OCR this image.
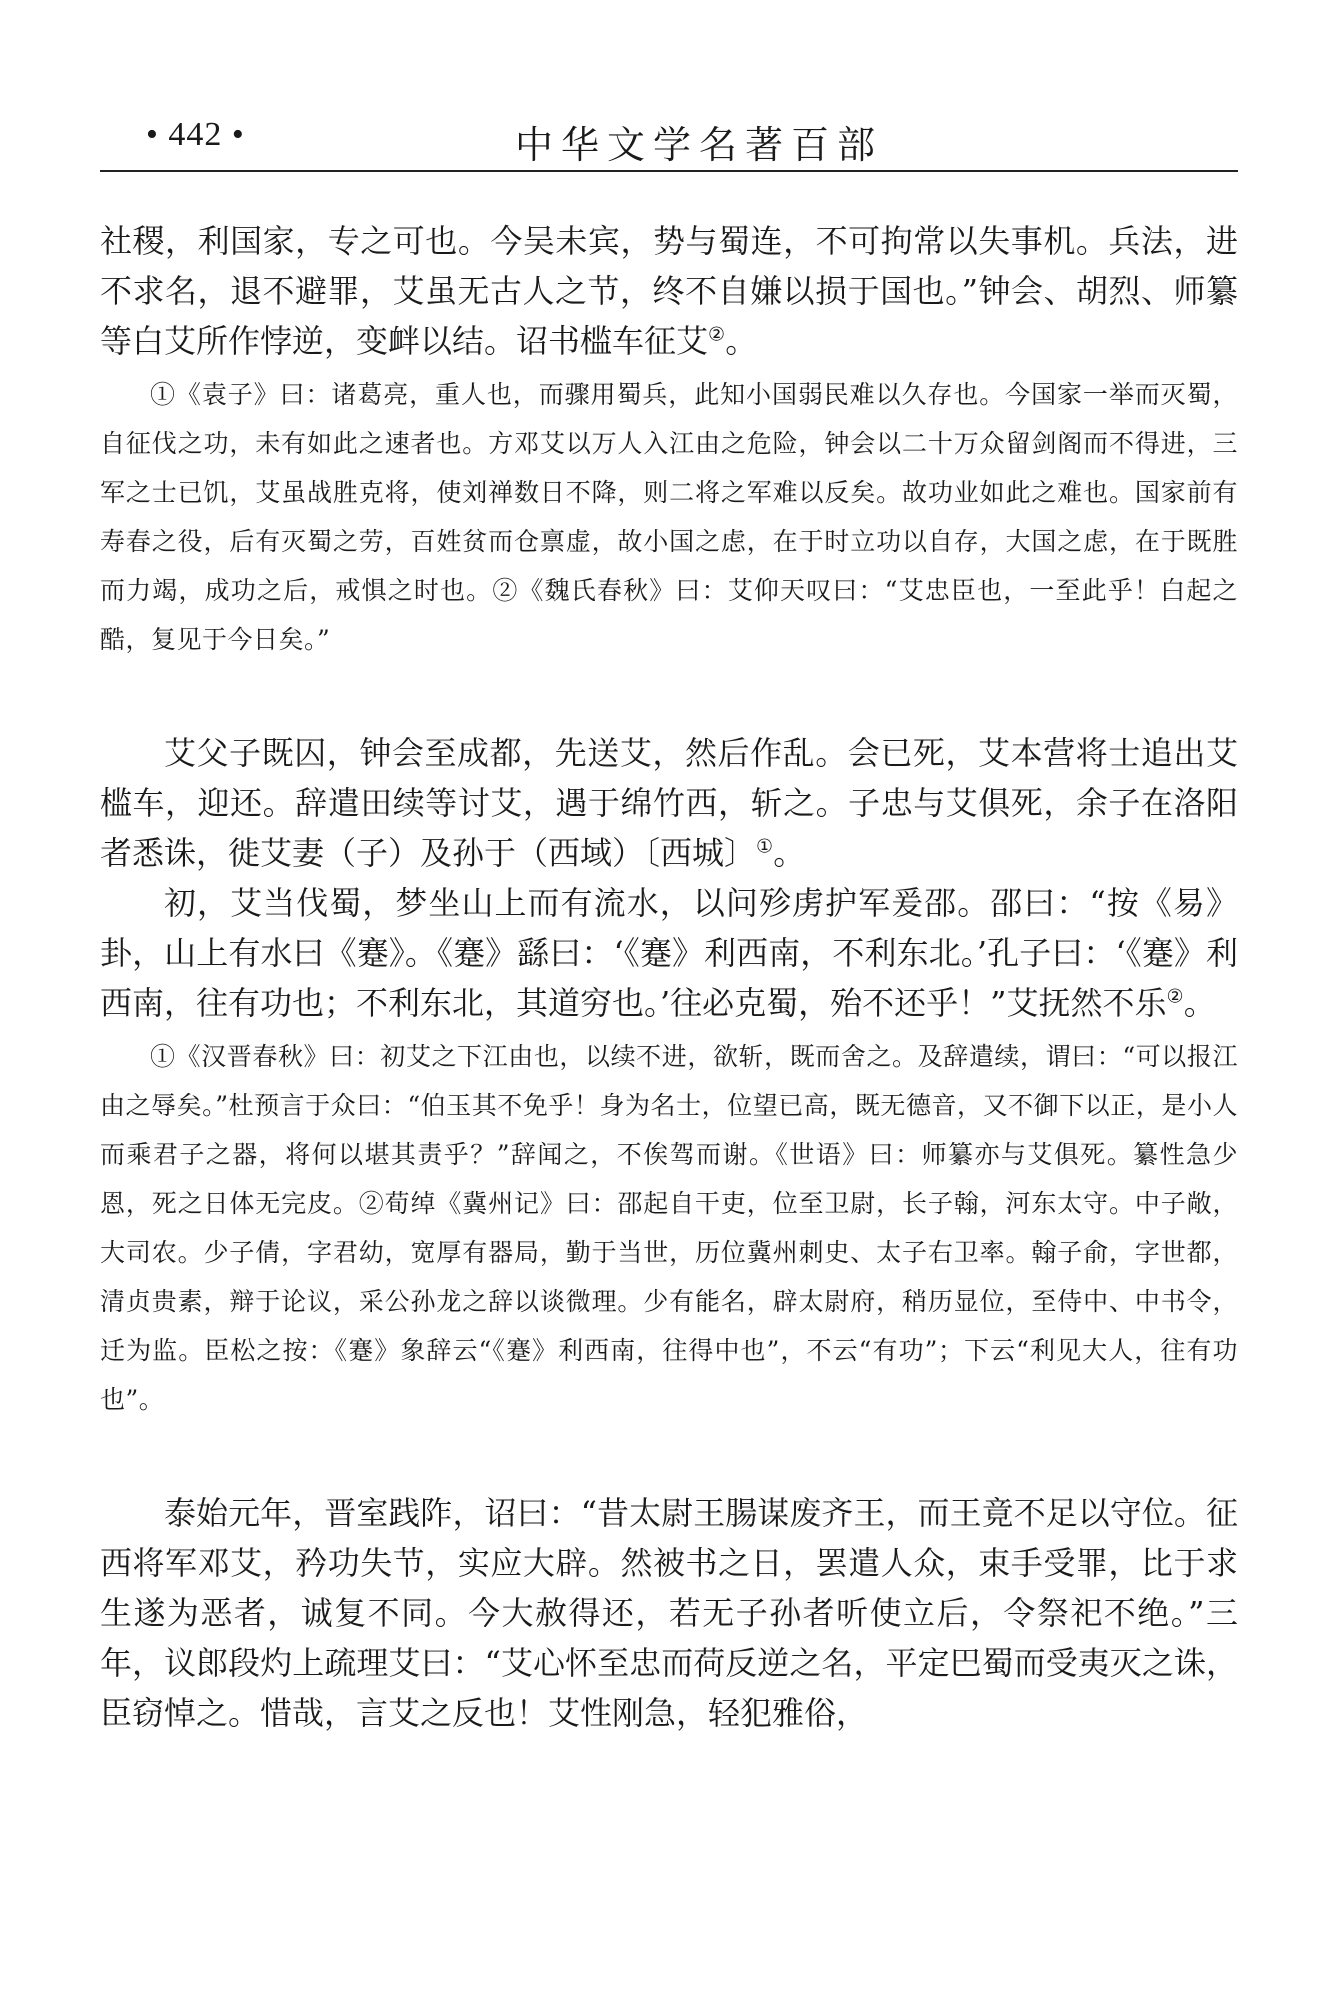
• 442 •	中华文学名著百部

社稷，利国家，专之可也。今吴未宾，势与蜀连，不可拘常以失事机。兵法，进不求名，退不避罪，艾虽无古人之节，终不自嫌以损于国也。”钟会、胡烈、师纂等白艾所作悖逆，变衅以结。诏书槛车征艾②。

①《袁子》曰：诸葛亮，重人也，而骤用蜀兵，此知小国弱民难以久存也。今国家一举而灭蜀，自征伐之功，未有如此之速者也。方邓艾以万人入江由之危险，钟会以二十万众留剑阁而不得进，三军之士已饥，艾虽战胜克将，使刘禅数日不降，则二将之军难以反矣。故功业如此之难也。国家前有寿春之役，后有灭蜀之劳，百姓贫而仓禀虚，故小国之虑，在于时立功以自存，大国之虑，在于既胜而力竭，成功之后，戒惧之时也。②《魏氏春秋》曰：艾仰天叹曰：“艾忠臣也，一至此乎！白起之酷，复见于今日矣。”

艾父子既囚，钟会至成都，先送艾，然后作乱。会已死，艾本营将士追出艾槛车，迎还。辞遣田续等讨艾，遇于绵竹西，斩之。子忠与艾俱死，余子在洛阳者悉诛，徙艾妻（子）及孙于（西域）〔西城〕①。

初，艾当伐蜀，梦坐山上而有流水，以问殄虏护军爰邵。邵曰：“按《易》卦，山上有水曰《蹇》。《蹇》繇曰：‘《蹇》利西南，不利东北。’孔子曰：‘《蹇》利西南，往有功也；不利东北，其道穷也。’往必克蜀，殆不还乎！”艾抚然不乐②。

①《汉晋春秋》曰：初艾之下江由也，以续不进，欲斩，既而舍之。及辞遣续，谓曰：“可以报江由之辱矣。”杜预言于众曰：“伯玉其不免乎！身为名士，位望已高，既无德音，又不御下以正，是小人而乘君子之器，将何以堪其责乎？”辞闻之，不俟驾而谢。《世语》曰：师纂亦与艾俱死。纂性急少恩，死之日体无完皮。②荀绰《冀州记》曰：邵起自干吏，位至卫尉，长子翰，河东太守。中子敞，大司农。少子倩，字君幼，宽厚有器局，勤于当世，历位冀州刺史、太子右卫率。翰子俞，字世都，清贞贵素，辩于论议，采公孙龙之辞以谈微理。少有能名，辟太尉府，稍历显位，至侍中、中书令，迁为监。臣松之按：《蹇》象辞云“《蹇》利西南，往得中也”，不云“有功”；下云“利见大人，往有功也”。

泰始元年，晋室践阼，诏曰：“昔太尉王腸谋废齐王，而王竟不足以守位。征西将军邓艾，矜功失节，实应大辟。然被书之日，罢遣人众，束手受罪，比于求生遂为恶者，诚复不同。今大赦得还，若无子孙者听使立后，令祭祀不绝。”三年，议郎段灼上疏理艾曰：“艾心怀至忠而荷反逆之名，平定巴蜀而受夷灭之诛，臣窃悼之。惜哉，言艾之反也！艾性刚急，轻犯雅俗，
